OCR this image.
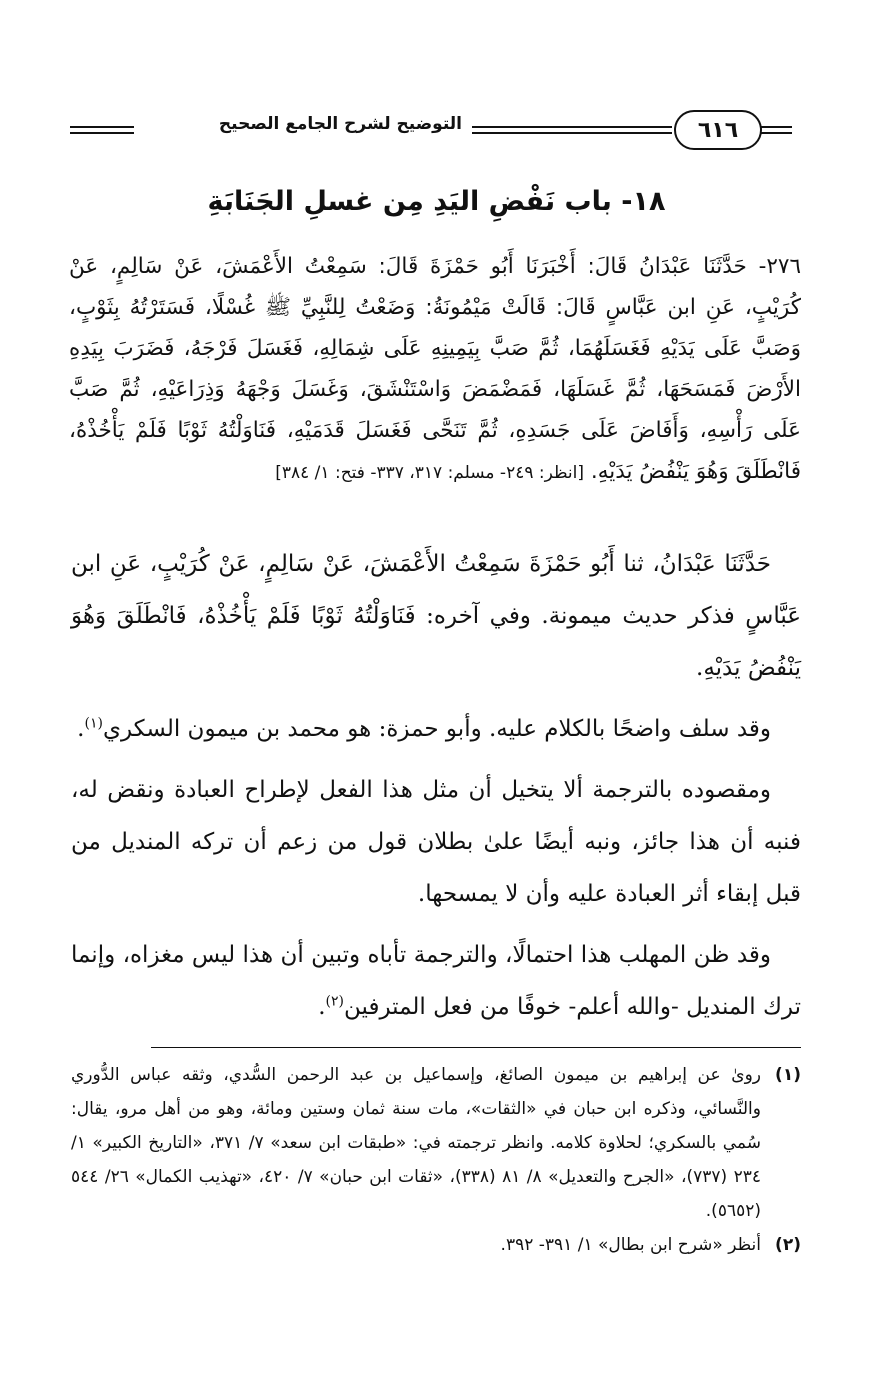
٦١٦
التوضيح لشرح الجامع الصحيح
١٨- باب نَفْضِ اليَدِ مِن غسلِ الجَنَابَةِ
٢٧٦- حَدَّثَنَا عَبْدَانُ قَالَ: أَخْبَرَنَا أَبُو حَمْزَةَ قَالَ: سَمِعْتُ الأَعْمَشَ، عَنْ سَالِمٍ، عَنْ كُرَيْبٍ، عَنِ ابن عَبَّاسٍ قَالَ: قَالَتْ مَيْمُونَةُ: وَضَعْتُ لِلنَّبِيِّ ﷺ غُسْلًا، فَسَتَرْتُهُ بِثَوْبٍ، وَصَبَّ عَلَى يَدَيْهِ فَغَسَلَهُمَا، ثُمَّ صَبَّ بِيَمِينِهِ عَلَى شِمَالِهِ، فَغَسَلَ فَرْجَهُ، فَضَرَبَ بِيَدِهِ الأَرْضَ فَمَسَحَهَا، ثُمَّ غَسَلَهَا، فَمَضْمَضَ وَاسْتَنْشَقَ، وَغَسَلَ وَجْهَهُ وَذِرَاعَيْهِ، ثُمَّ صَبَّ عَلَى رَأْسِهِ، وَأَفَاضَ عَلَى جَسَدِهِ، ثُمَّ تَنَحَّى فَغَسَلَ قَدَمَيْهِ، فَنَاوَلْتُهُ ثَوْبًا فَلَمْ يَأْخُذْهُ، فَانْطَلَقَ وَهُوَ يَنْفُضُ يَدَيْهِ. [انظر: ٢٤٩- مسلم: ٣١٧، ٣٣٧- فتح: ١/ ٣٨٤]

حَدَّثَنَا عَبْدَانُ، ثنا أَبُو حَمْزَةَ سَمِعْتُ الأَعْمَشَ، عَنْ سَالِمٍ، عَنْ كُرَيْبٍ، عَنِ ابن عَبَّاسٍ فذكر حديث ميمونة. وفي آخره: فَنَاوَلْتُهُ ثَوْبًا فَلَمْ يَأْخُذْهُ، فَانْطَلَقَ وَهُوَ يَنْفُضُ يَدَيْهِ.

وقد سلف واضحًا بالكلام عليه. وأبو حمزة: هو محمد بن ميمون السكري$^{(١)}$.

ومقصوده بالترجمة ألا يتخيل أن مثل هذا الفعل لإطراح العبادة ونقض له، فنبه أن هذا جائز، ونبه أيضًا علىٰ بطلان قول من زعم أن تركه المنديل من قبل إبقاء أثر العبادة عليه وأن لا يمسحها.

وقد ظن المهلب هذا احتمالًا، والترجمة تأباه وتبين أن هذا ليس مغزاه، وإنما ترك المنديل -والله أعلم- خوفًا من فعل المترفين$^{(٢)}$.

(١)
روىٰ عن إبراهيم بن ميمون الصائغ، وإسماعيل بن عبد الرحمن السُّدي، وثقه عباس الدُّوري والنَّسائي، وذكره ابن حبان في «الثقات»، مات سنة ثمان وستين ومائة، وهو من أهل مرو، يقال: سُمي بالسكري؛ لحلاوة كلامه. وانظر ترجمته في: «طبقات ابن سعد» ٧/ ٣٧١، «التاريخ الكبير» ١/ ٢٣٤ (٧٣٧)، «الجرح والتعديل» ٨/ ٨١ (٣٣٨)، «ثقات ابن حبان» ٧/ ٤٢٠، «تهذيب الكمال» ٢٦/ ٥٤٤ (٥٦٥٢).
(٢)
أنظر «شرح ابن بطال» ١/ ٣٩١- ٣٩٢.
